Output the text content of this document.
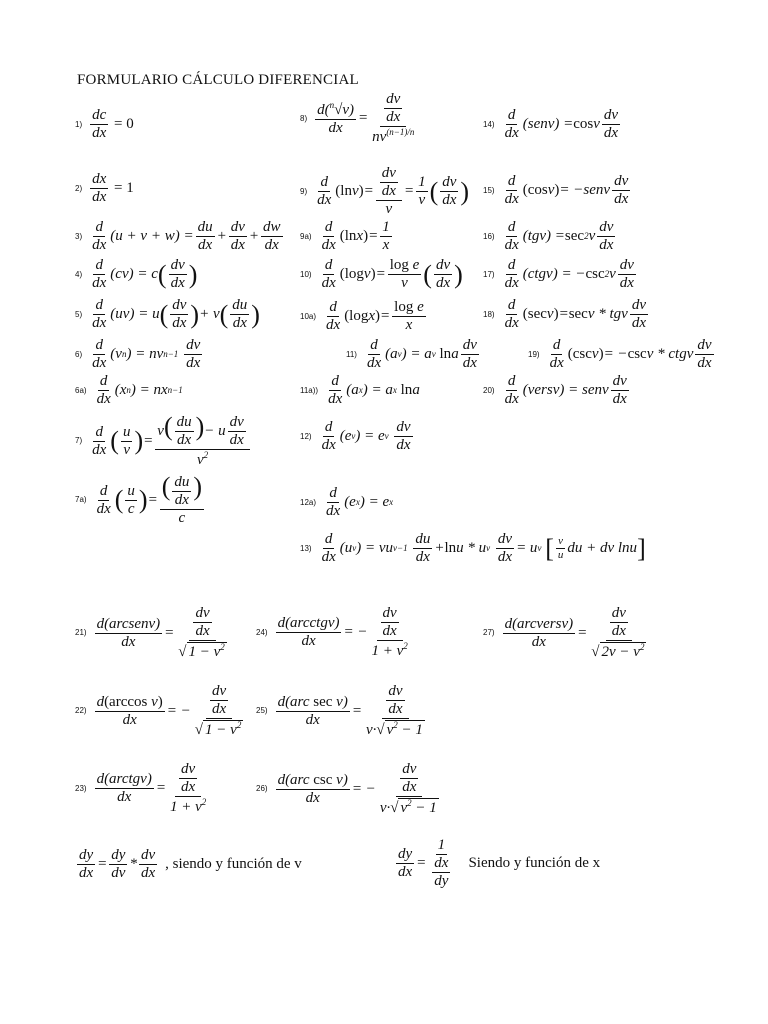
FORMULARIO CÁLCULO DIFERENCIAL
$1) \frac{dc}{dx} = 0$
$2) \frac{dx}{dx} = 1$
$3) \frac{d}{dx} (u + v + w) = \frac{du}{dx} + \frac{dv}{dx} + \frac{dw}{dx}$
$4) \frac{d}{dx} (cv) = c$ ( $\frac{dv}{dx}$ )
$5) \frac{d}{dx} (uv) = u$ ( $\frac{dv}{dx}$ ) + v ( $\frac{du}{dx}$ )
$6) \frac{d}{dx} (v$ n ) = nv n−1
$\frac{dv}{dx}$
$6a) \frac{d}{dx} (x$ n ) = nx n−1
$7) \frac{d}{dx}$ ( $\frac{u}{v}$ ) = $\frac{v( \frac{du}{dx} )- u \frac{dv}{dx}}{v^2}$
$7a) \frac{d}{dx}$ ( $\frac{u}{c}$ ) = $\frac{( \frac{du}{dx} )}{c}$
$8) \frac{d(^n√v)}{dx} = \frac{\frac{dv}{dx}}{nv^{(n-1)/n}}$
$9) \frac{d}{dx} (\ln$ v ) = $\frac{\frac{dv}{dx}}{v} = \frac{1}{v}$ ( $\frac{dv}{dx}$ )
$9a) \frac{d}{dx} (\ln$ x ) = $\frac{1}{x}$
$10) \frac{d}{dx} (\log$ v ) = $\frac{\text{log e}}{v}$ ( $\frac{dv}{dx}$ )
$10a) \frac{d}{dx} (\log$ x ) = $\frac{\text{log e}}{x}$
$11) \frac{d}{dx} (a$ v ) = a v
ln a $\frac{dv}{dx}$
$11a)) \frac{d}{dx} (a$ x ) = a x
ln a
$12) \frac{d}{dx} (e$ v ) = e v
$\frac{dv}{dx}$
$12a) \frac{d}{dx} (e$ x ) = e x
$13) \frac{d}{dx} (u$ v ) = vu v−1
$\frac{du}{dx} + \ln u * u$ v
$\frac{dv}{dx} = u$ v
[ $\frac{v}{u}$ du + dv lnu ]
$14) \frac{d}{dx}$ (senv) = cos v $\frac{dv}{dx}$
$15) \frac{d}{dx} (\cos$ v ) = −senv $\frac{dv}{dx}$
$16) \frac{d}{dx} (tgv) = \sec 2$ v $\frac{dv}{dx}$
$17) \frac{d}{dx}$ (ctgv) = − csc 2 v $\frac{dv}{dx}$
$18) \frac{d}{dx} (\sec$ v ) = sec v * tgv $\frac{dv}{dx}$
$19) \frac{d}{dx} (\csc$ v ) = − csc v * ctgv $\frac{dv}{dx}$
$20) \frac{d}{dx}$ (versv) = senv $\frac{dv}{dx}$
$21) \frac{\text{d(arcsenv)}}{dx} = \frac{\frac{dv}{dx}}{√ 1 - v^2}$
$22) \frac{\text{d(arccos v)}}{dx}$ = − $\frac{\frac{dv}{dx}}{√ 1 - v^2}$
$23) \frac{\text{d(arctgv)}}{dx} = \frac{\frac{dv}{dx}}{1 + v^2}$
$24) \frac{\text{d(arcctgv)}}{dx}$ = − $\frac{\frac{dv}{dx}}{1 + v^2}$
$25) \frac{\text{d(arc sec v)}}{dx} = \frac{\frac{dv}{dx}}{v\cdot√ v^2 - 1}$
$26) \frac{\text{d(arc csc v)}}{dx}$ = − $\frac{\frac{dv}{dx}}{v\cdot√ v^2 - 1}$
$27) \frac{\text{d(arcversv)}}{dx} = \frac{\frac{dv}{dx}}{√ 2v - v^2}$
$\frac{dy}{dx} = \frac{dy}{dv} * \frac{dv}{dx}$ , siendo y función de v	$\frac{dy}{dx} = \frac{1}{\frac{dx}{dy}}$ Siendo y función de x
